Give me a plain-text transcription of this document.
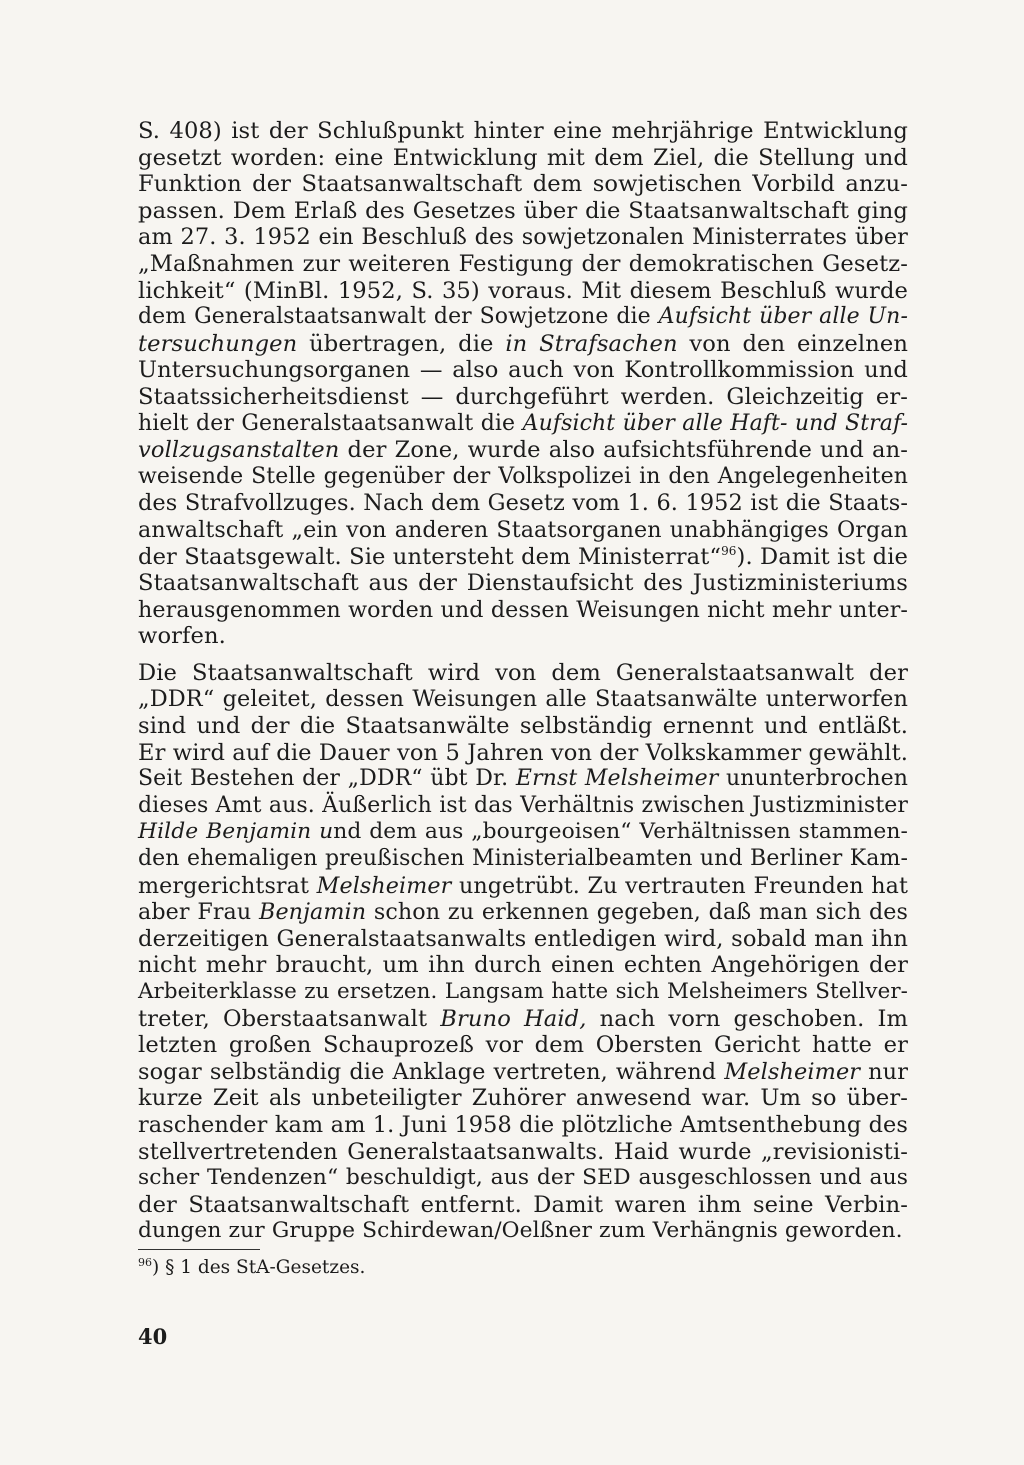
S. 408) ist der Schlußpunkt hinter eine mehrjährige Entwicklung
gesetzt worden: eine Entwicklung mit dem Ziel, die Stellung und
Funktion der Staatsanwaltschaft dem sowjetischen Vorbild anzu-
passen. Dem Erlaß des Gesetzes über die Staatsanwaltschaft ging
am 27. 3. 1952 ein Beschluß des sowjetzonalen Ministerrates über
„Maßnahmen zur weiteren Festigung der demokratischen Gesetz-
lichkeit“ (MinBl. 1952, S. 35) voraus. Mit diesem Beschluß wurde
dem Generalstaatsanwalt der Sowjetzone die Aufsicht über alle Un-
tersuchungen übertragen, die in Strafsachen von den einzelnen
Untersuchungsorganen — also auch von Kontrollkommission und
Staatssicherheitsdienst — durchgeführt werden. Gleichzeitig er-
hielt der Generalstaatsanwalt die Aufsicht über alle Haft- und Straf-
vollzugsanstalten der Zone, wurde also aufsichtsführende und an-
weisende Stelle gegenüber der Volkspolizei in den Angelegenheiten
des Strafvollzuges. Nach dem Gesetz vom 1. 6. 1952 ist die Staats-
anwaltschaft „ein von anderen Staatsorganen unabhängiges Organ
der Staatsgewalt. Sie untersteht dem Ministerrat“$^{96}$). Damit ist die
Staatsanwaltschaft aus der Dienstaufsicht des Justizministeriums
herausgenommen worden und dessen Weisungen nicht mehr unter-
worfen.

Die Staatsanwaltschaft wird von dem Generalstaatsanwalt der
„DDR“ geleitet, dessen Weisungen alle Staatsanwälte unterworfen
sind und der die Staatsanwälte selbständig ernennt und entläßt.
Er wird auf die Dauer von 5 Jahren von der Volkskammer gewählt.
Seit Bestehen der „DDR“ übt Dr. Ernst Melsheimer ununterbrochen
dieses Amt aus. Äußerlich ist das Verhältnis zwischen Justizminister
Hilde Benjamin und dem aus „bourgeoisen“ Verhältnissen stammen-
den ehemaligen preußischen Ministerialbeamten und Berliner Kam-
mergerichtsrat Melsheimer ungetrübt. Zu vertrauten Freunden hat
aber Frau Benjamin schon zu erkennen gegeben, daß man sich des
derzeitigen Generalstaatsanwalts entledigen wird, sobald man ihn
nicht mehr braucht, um ihn durch einen echten Angehörigen der
Arbeiterklasse zu ersetzen. Langsam hatte sich Melsheimers Stellver-
treter, Oberstaatsanwalt Bruno Haid, nach vorn geschoben. Im
letzten großen Schauprozeß vor dem Obersten Gericht hatte er
sogar selbständig die Anklage vertreten, während Melsheimer nur
kurze Zeit als unbeteiligter Zuhörer anwesend war. Um so über-
raschender kam am 1. Juni 1958 die plötzliche Amtsenthebung des
stellvertretenden Generalstaatsanwalts. Haid wurde „revisionisti-
scher Tendenzen“ beschuldigt, aus der SED ausgeschlossen und aus
der Staatsanwaltschaft entfernt. Damit waren ihm seine Verbin-
dungen zur Gruppe Schirdewan/Oelßner zum Verhängnis geworden.

$^{96}$) § 1 des StA-Gesetzes.
40
